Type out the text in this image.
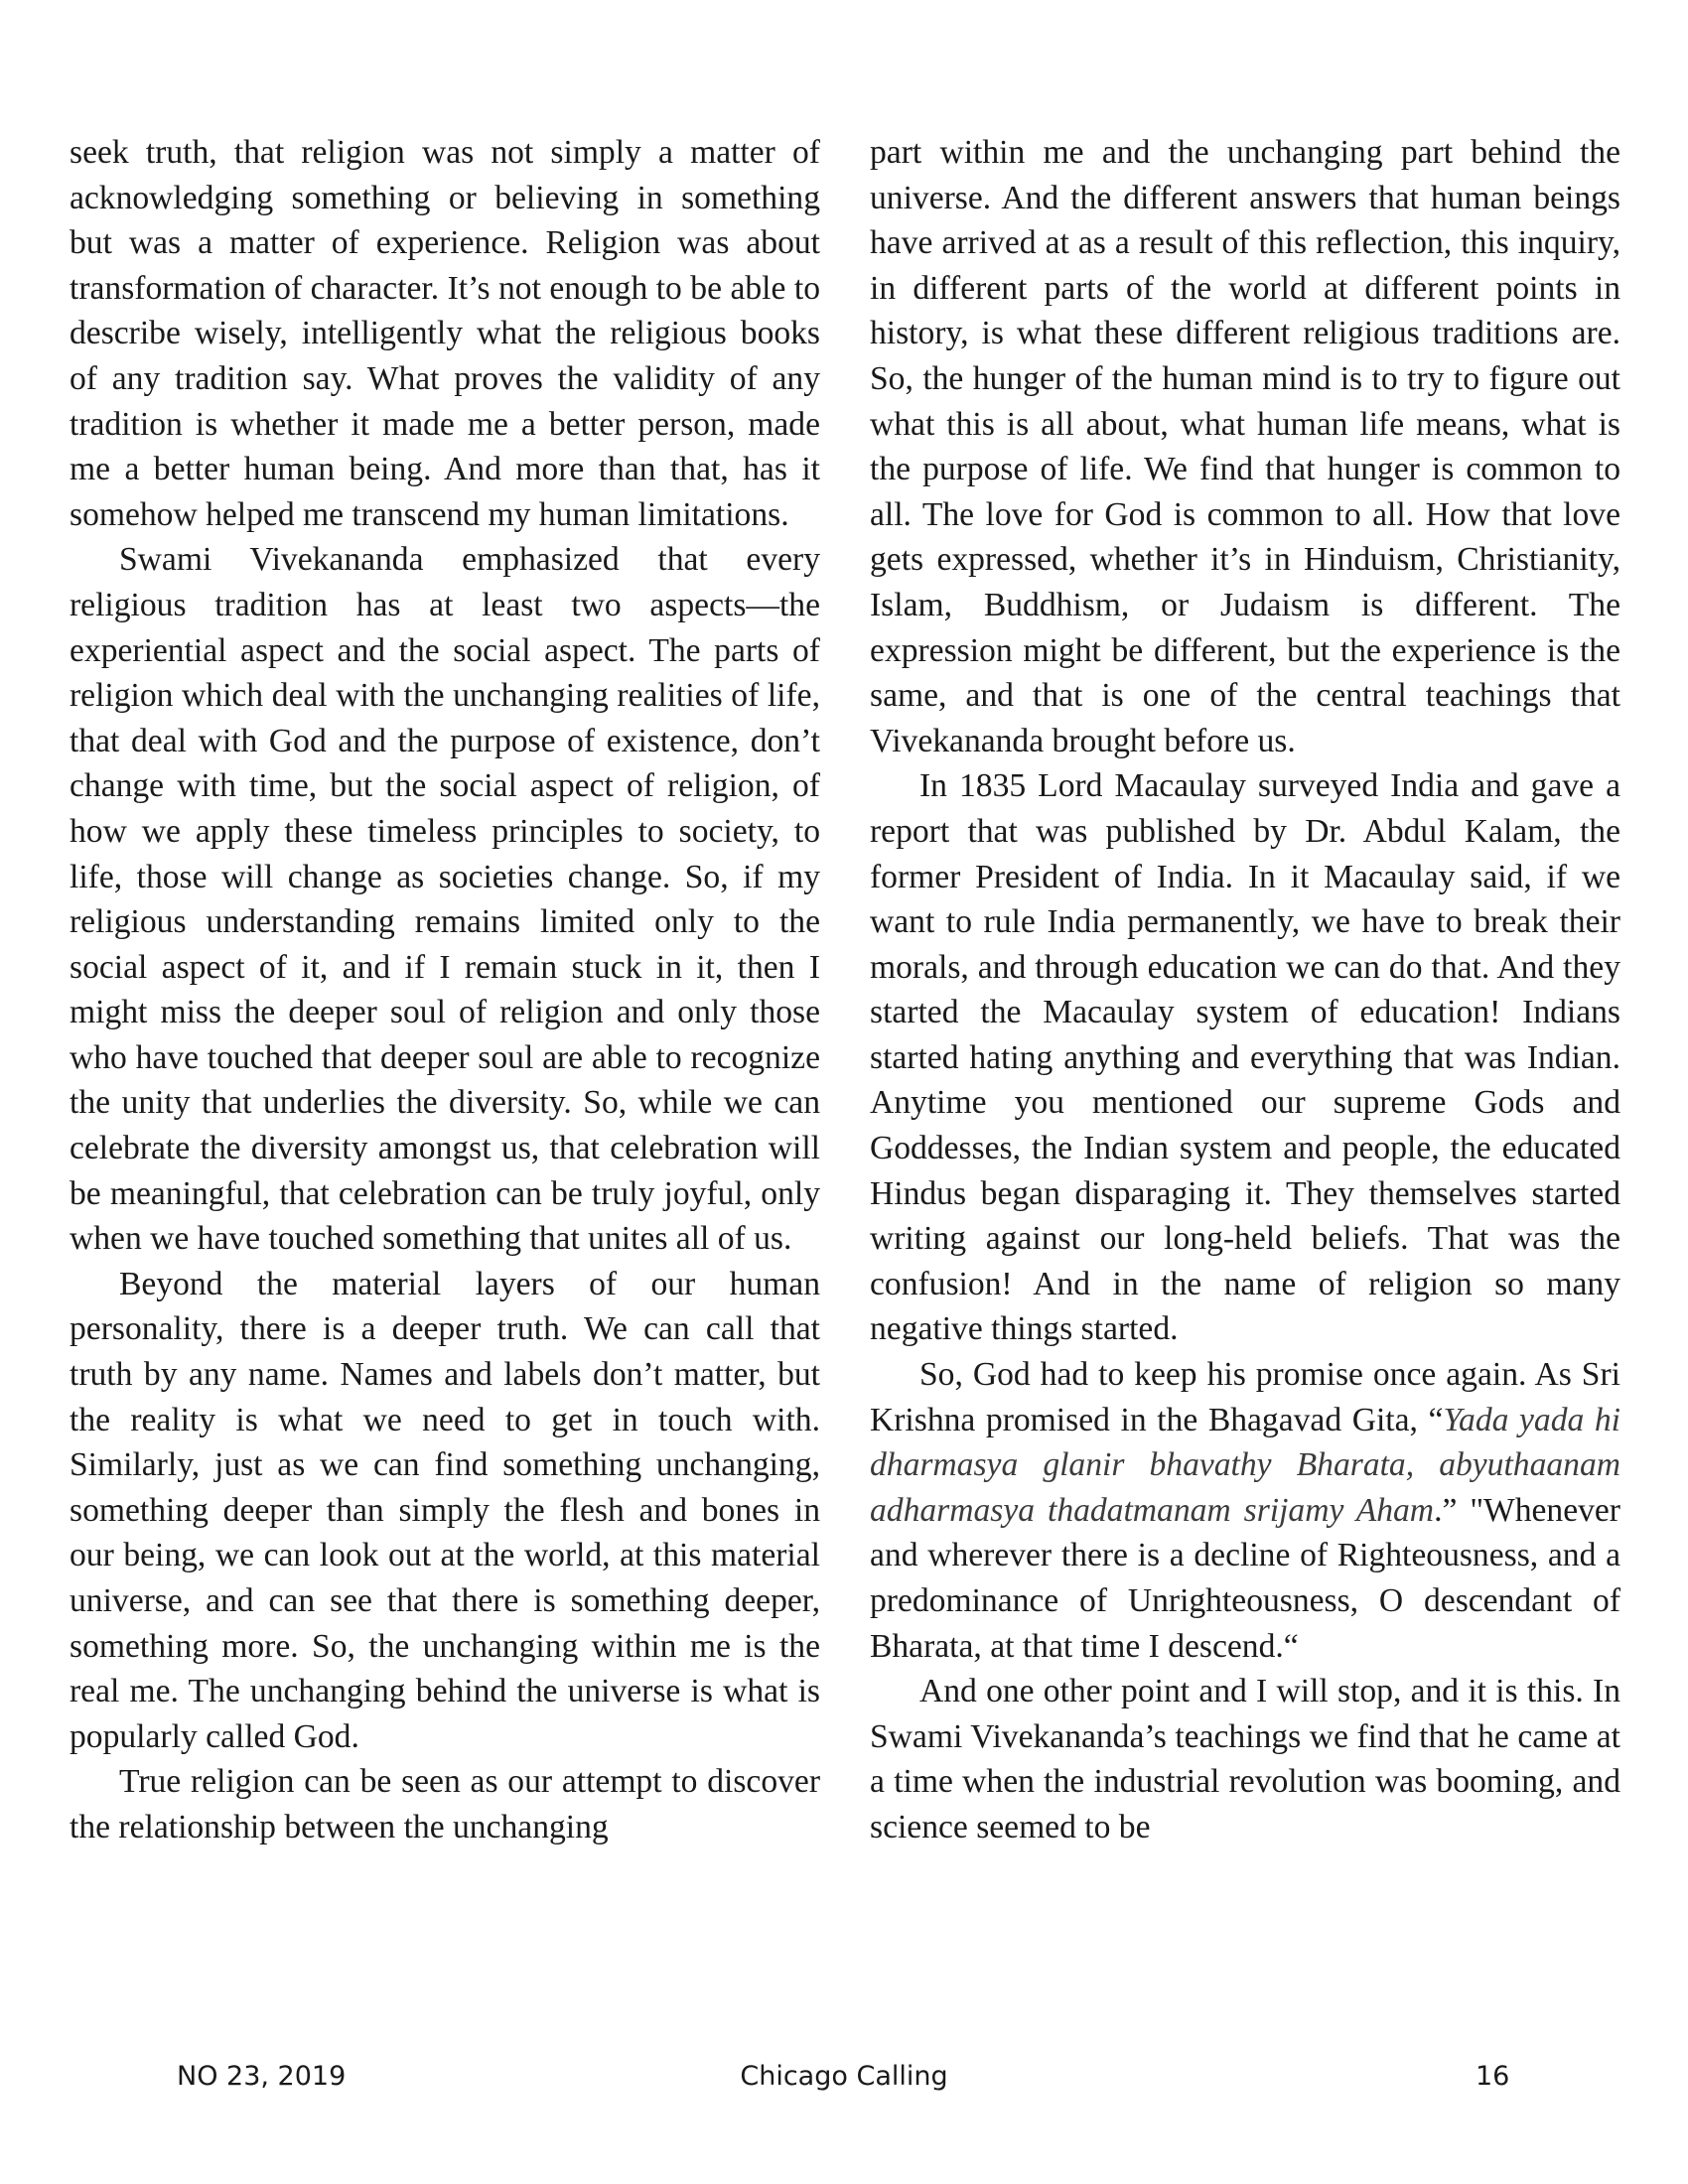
seek truth, that religion was not simply a matter of acknowledging something or believing in something but was a matter of experience. Religion was about transformation of character. It’s not enough to be able to describe wisely, intelligently what the religious books of any tradition say. What proves the validity of any tradition is whether it made me a better person, made me a better human being. And more than that, has it somehow helped me transcend my human limitations.

Swami Vivekananda emphasized that every religious tradition has at least two aspects—the experiential aspect and the social aspect. The parts of religion which deal with the unchanging realities of life, that deal with God and the purpose of existence, don’t change with time, but the social aspect of religion, of how we apply these timeless principles to society, to life, those will change as societies change. So, if my religious understanding remains limited only to the social aspect of it, and if I remain stuck in it, then I might miss the deeper soul of religion and only those who have touched that deeper soul are able to recognize the unity that underlies the diversity. So, while we can celebrate the diversity amongst us, that celebration will be meaningful, that celebration can be truly joyful, only when we have touched something that unites all of us.

Beyond the material layers of our human personality, there is a deeper truth. We can call that truth by any name. Names and labels don’t matter, but the reality is what we need to get in touch with. Similarly, just as we can find something unchanging, something deeper than simply the flesh and bones in our being, we can look out at the world, at this material universe, and can see that there is something deeper, something more. So, the unchanging within me is the real me. The unchanging behind the universe is what is popularly called God.

True religion can be seen as our attempt to discover the relationship between the unchanging

part within me and the unchanging part behind the universe. And the different answers that human beings have arrived at as a result of this reflection, this inquiry, in different parts of the world at different points in history, is what these different religious traditions are. So, the hunger of the human mind is to try to figure out what this is all about, what human life means, what is the purpose of life. We find that hunger is common to all. The love for God is common to all. How that love gets expressed, whether it’s in Hinduism, Christianity, Islam, Buddhism, or Judaism is different. The expression might be different, but the experience is the same, and that is one of the central teachings that Vivekananda brought before us.

In 1835 Lord Macaulay surveyed India and gave a report that was published by Dr. Abdul Kalam, the former President of India. In it Macaulay said, if we want to rule India permanently, we have to break their morals, and through education we can do that. And they started the Macaulay system of education! Indians started hating anything and everything that was Indian. Anytime you mentioned our supreme Gods and Goddesses, the Indian system and people, the educated Hindus began disparaging it. They themselves started writing against our long-held beliefs. That was the confusion! And in the name of religion so many negative things started.

So, God had to keep his promise once again. As Sri Krishna promised in the Bhagavad Gita, “Yada yada hi dharmasya glanir bhavathy Bharata, abyuthaanam adharmasya thadatmanam srijamy Aham.” "Whenever and wherever there is a decline of Righteousness, and a predominance of Unrighteousness, O descendant of Bharata, at that time I descend.“

And one other point and I will stop, and it is this. In Swami Vivekananda’s teachings we find that he came at a time when the industrial revolution was booming, and science seemed to be

NO 23, 2019	Chicago Calling	16
